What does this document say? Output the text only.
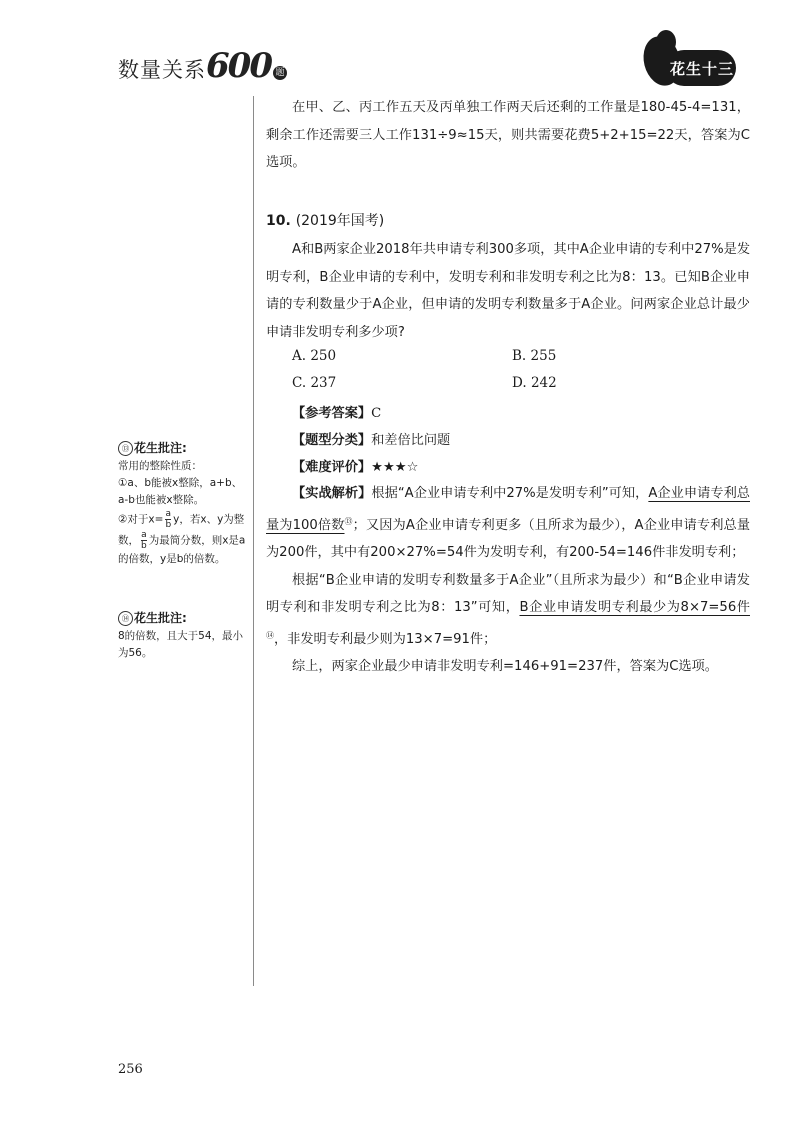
数量关系600 题	花生十三

在甲、乙、丙工作五天及丙单独工作两天后还剩的工作量是180-45-4=131，剩余工作还需要三人工作131÷9≈15天，则共需要花费5+2+15=22天，答案为C选项。

10. (2019年国考)

A和B两家企业2018年共申请专利300多项，其中A企业申请的专利中27%是发明专利，B企业申请的专利中，发明专利和非发明专利之比为8：13。已知B企业申请的专利数量少于A企业，但申请的发明专利数量多于A企业。问两家企业总计最少申请非发明专利多少项?

A. 250	B. 255
C. 237	D. 242
【参考答案】C
【题型分类】和差倍比问题
【难度评价】★★★☆

【实战解析】根据“A企业申请专利中27%是发明专利”可知，A企业申请专利总量为100倍数⑬；又因为A企业申请专利更多（且所求为最少），A企业申请专利总量为200件，其中有200×27%=54件为发明专利，有200-54=146件非发明专利；

根据“B企业申请的发明专利数量多于A企业”（且所求为最少）和“B企业申请发明专利和非发明专利之比为8：13”可知，B企业申请发明专利最少为8×7=56件⑭，非发明专利最少则为13×7=91件；

综上，两家企业最少申请非发明专利=146+91=237件，答案为C选项。

⑬ 花生批注:
常用的整除性质：
①a、b能被x整除，a+b、a-b也能被x整除。
②对于$x= \frac{a}{b}$ y，若x、y为整数， $\frac{a}{b}$ 为最简分数，则x是a的倍数，y是b的倍数。
⑭ 花生批注:
8的倍数，且大于54，最小为56。
256
